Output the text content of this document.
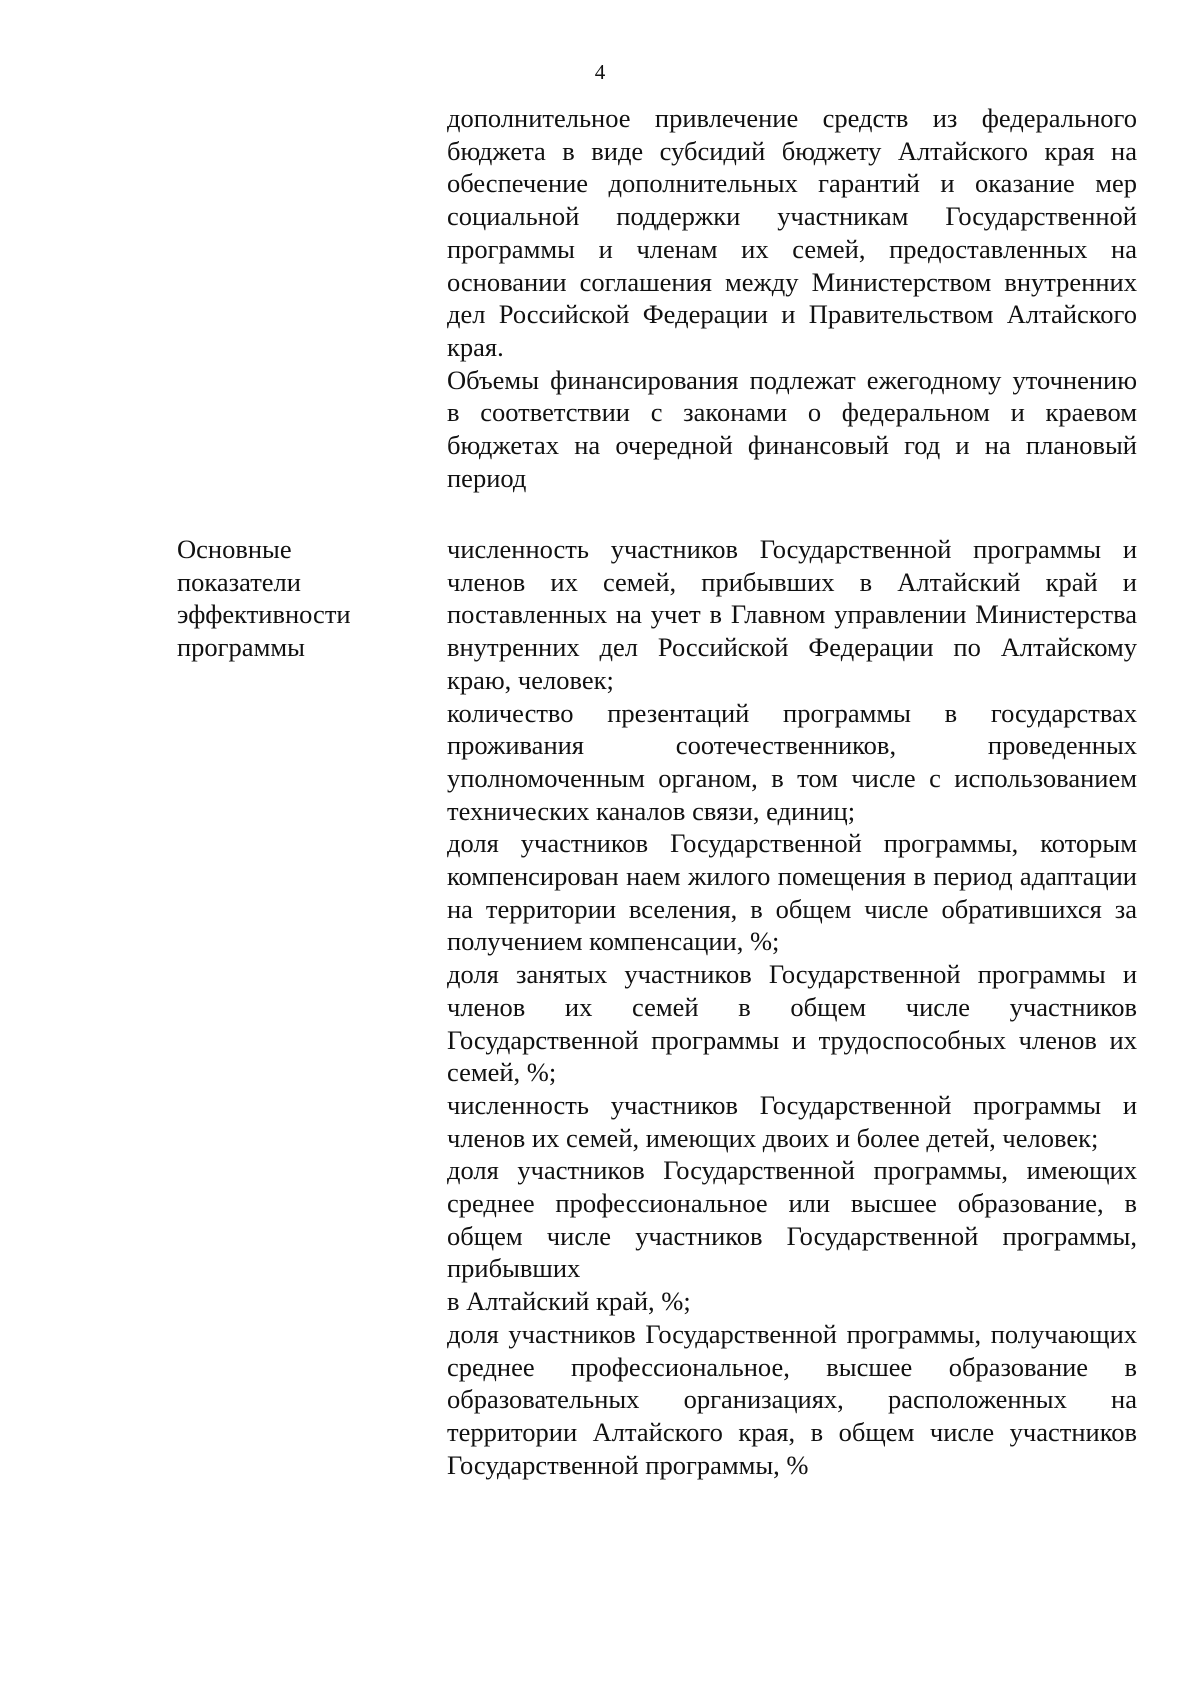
4

дополнительное привлечение средств из федерального бюджета в виде субсидий бюджету Алтайского края на обеспечение дополнительных гарантий и оказание мер социальной поддержки участникам Государственной программы и членам их семей, предоставленных на основании соглашения между Министерством внутренних дел Российской Федерации и Правительством Алтайского края.

Объемы финансирования подлежат ежегодному уточнению в соответствии с законами о федеральном и краевом бюджетах на очередной финансовый год и на плановый период

Основные
показатели
эффективности
программы

численность участников Государственной программы и членов их семей, прибывших в Алтайский край и поставленных на учет в Главном управлении Министерства внутренних дел Российской Федерации по Алтайскому краю, человек;

количество презентаций программы в государствах проживания соотечественников, проведенных уполномоченным органом, в том числе с использованием технических каналов связи, единиц;

доля участников Государственной программы, которым компенсирован наем жилого помещения в период адаптации

на территории вселения, в общем числе обратившихся за получением компенсации, %;

доля занятых участников Государственной программы и членов их семей в общем числе участников Государственной программы и трудоспособных членов их семей, %;

численность участников Государственной программы и членов их семей, имеющих двоих и более детей, человек;

доля участников Государственной программы, имеющих среднее профессиональное или высшее образование, в общем числе участников Государственной программы, прибывших

в Алтайский край, %;

доля участников Государственной программы, получающих среднее профессиональное, высшее образование в образовательных организациях, расположенных на территории Алтайского края, в общем числе участников Государственной программы, %
